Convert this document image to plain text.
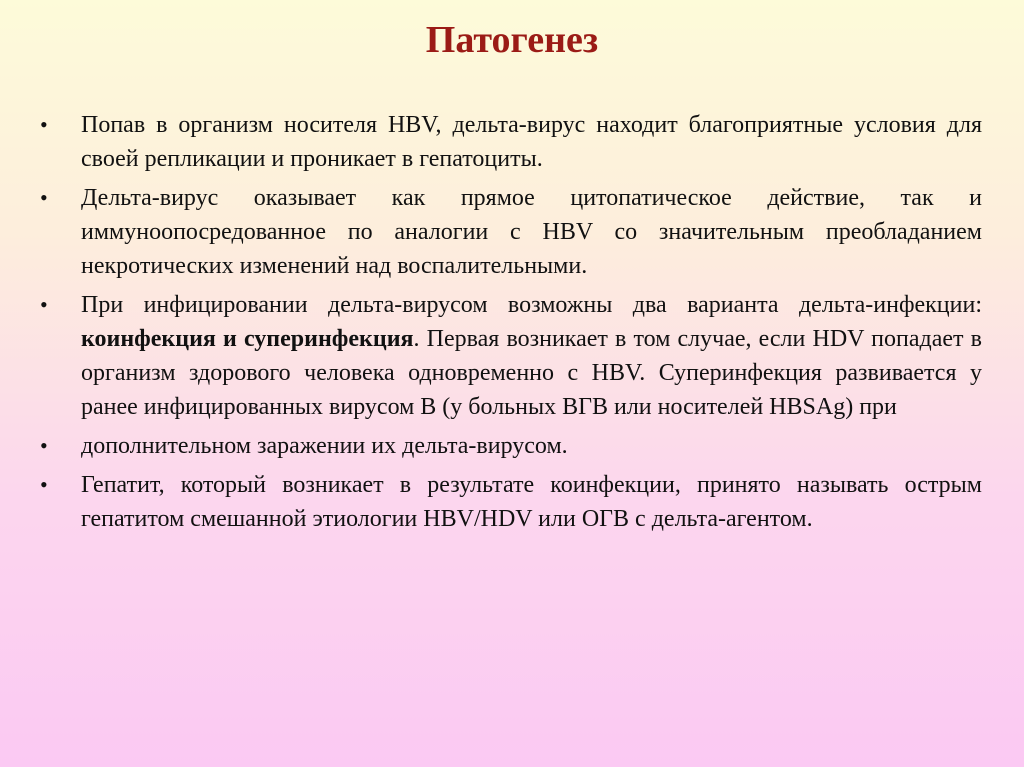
Патогенез
• Попав в организм носителя HBV, дельта-вирус находит благоприятные условия для своей репликации и проникает в гепатоциты.
• Дельта-вирус оказывает как прямое цитопатическое действие, так и иммуноопосредованное по аналогии с HBV со значительным преобладанием некротических изменений над воспалительными.
• При инфицировании дельта-вирусом возможны два варианта дельта-инфекции: коинфекция и суперинфекция. Первая возникает в том случае, если HDV попадает в организм здорового человека одновременно с HBV. Суперинфекция развивается у ранее инфицированных вирусом В (у больных ВГВ или носителей HBSAg) при
• дополнительном заражении их дельта-вирусом.
• Гепатит, который возникает в результате коинфекции, принято называть острым гепатитом смешанной этиологии HBV/HDV или ОГВ с дельта-агентом.
